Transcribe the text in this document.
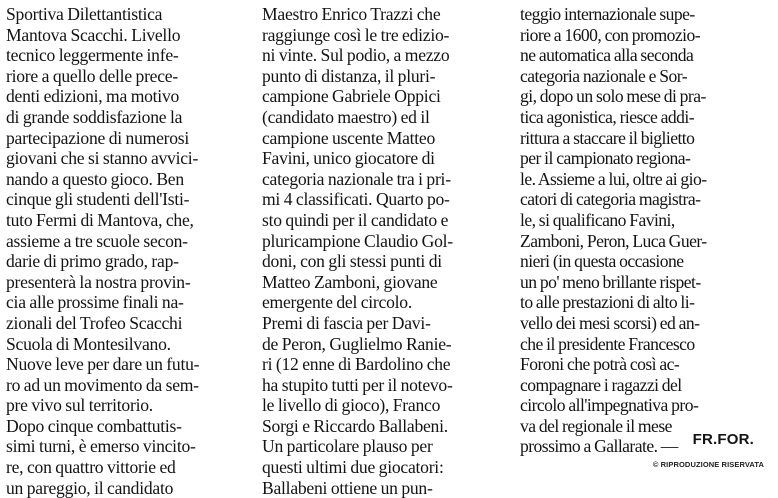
Sportiva Dilettantistica
Mantova Scacchi. Livello
tecnico leggermente infe-
riore a quello delle prece-
denti edizioni, ma motivo
di grande soddisfazione la
partecipazione di numerosi
giovani che si stanno avvici-
nando a questo gioco. Ben
cinque gli studenti dell'Isti-
tuto Fermi di Mantova, che,
assieme a tre scuole secon-
darie di primo grado, rap-
presenterà la nostra provin-
cia alle prossime finali na-
zionali del Trofeo Scacchi
Scuola di Montesilvano.
Nuove leve per dare un futu-
ro ad un movimento da sem-
pre vivo sul territorio.
Dopo cinque combattutis-
simi turni, è emerso vincito-
re, con quattro vittorie ed
un pareggio, il candidato
Maestro Enrico Trazzi che
raggiunge così le tre edizio-
ni vinte. Sul podio, a mezzo
punto di distanza, il pluri-
campione Gabriele Oppici
(candidato maestro) ed il
campione uscente Matteo
Favini, unico giocatore di
categoria nazionale tra i pri-
mi 4 classificati. Quarto po-
sto quindi per il candidato e
pluricampione Claudio Gol-
doni, con gli stessi punti di
Matteo Zamboni, giovane
emergente del circolo.
Premi di fascia per Davi-
de Peron, Guglielmo Ranie-
ri (12 enne di Bardolino che
ha stupito tutti per il notevo-
le livello di gioco), Franco
Sorgi e Riccardo Ballabeni.
Un particolare plauso per
questi ultimi due giocatori:
Ballabeni ottiene un pun-
teggio internazionale supe-
riore a 1600, con promozio-
ne automatica alla seconda
categoria nazionale e Sor-
gi, dopo un solo mese di pra-
tica agonistica, riesce addi-
rittura a staccare il biglietto
per il campionato regiona-
le. Assieme a lui, oltre ai gio-
catori di categoria magistra-
le, si qualificano Favini,
Zamboni, Peron, Luca Guer-
nieri (in questa occasione
un po' meno brillante rispet-
to alle prestazioni di alto li-
vello dei mesi scorsi) ed an-
che il presidente Francesco
Foroni che potrà così ac-
compagnare i ragazzi del
circolo all'impegnativa pro-
va del regionale il mese
prossimo a Gallarate. — FR.FOR.
© RIPRODUZIONE RISERVATA
